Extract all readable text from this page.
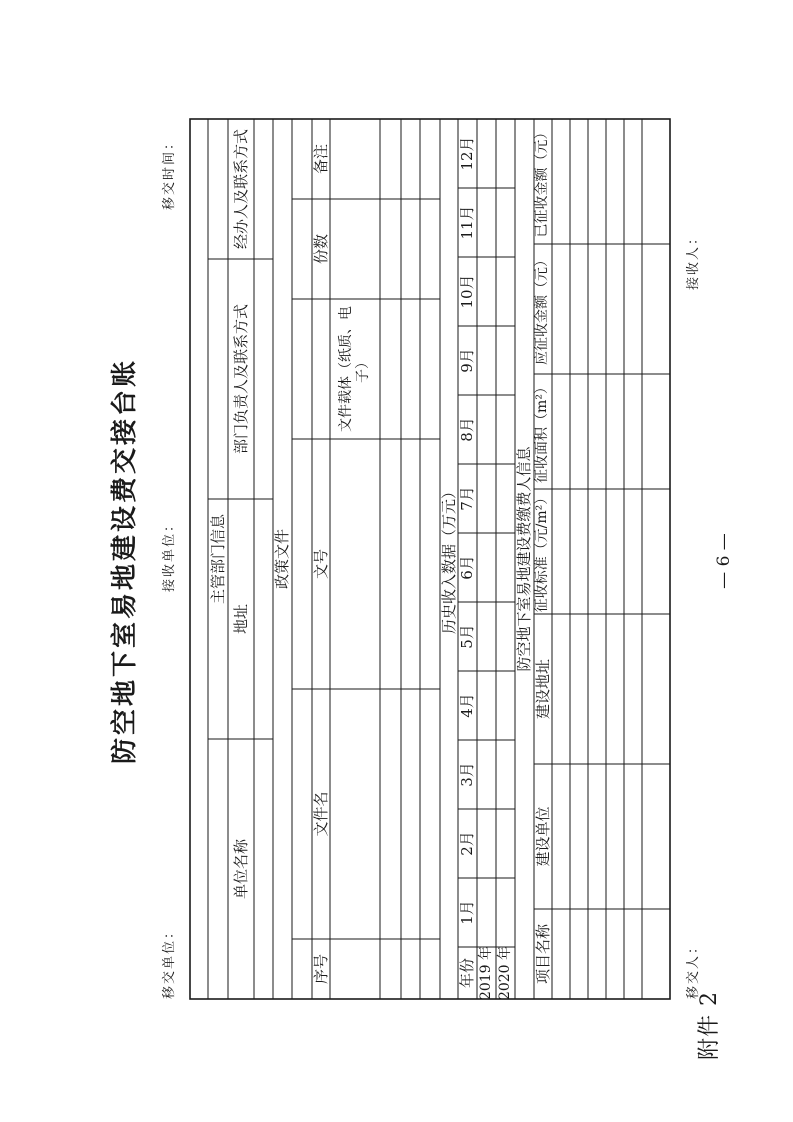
附件 2
防空地下室易地建设费交接台账
移交单位：
接收单位：
移交时间：
移交人：
接收人：
— 6 —
主管部门信息
单位名称
地址
部门负责人及联系方式
经办人及联系方式
政策文件
序号
文件名
文号
文件载体（纸质、电子）
份数
备注
历史收入数据（万元）
年份
1月
2月
3月
4月
5月
6月
7月
8月
9月
10月
11月
12月
2019 年 2020 年
防空地下室易地建设费缴费人信息
项目名称
建设单位
建设地址
征收标准（元/m²）
征收面积（m²）
应征收金额（元）
已征收金额（元）
